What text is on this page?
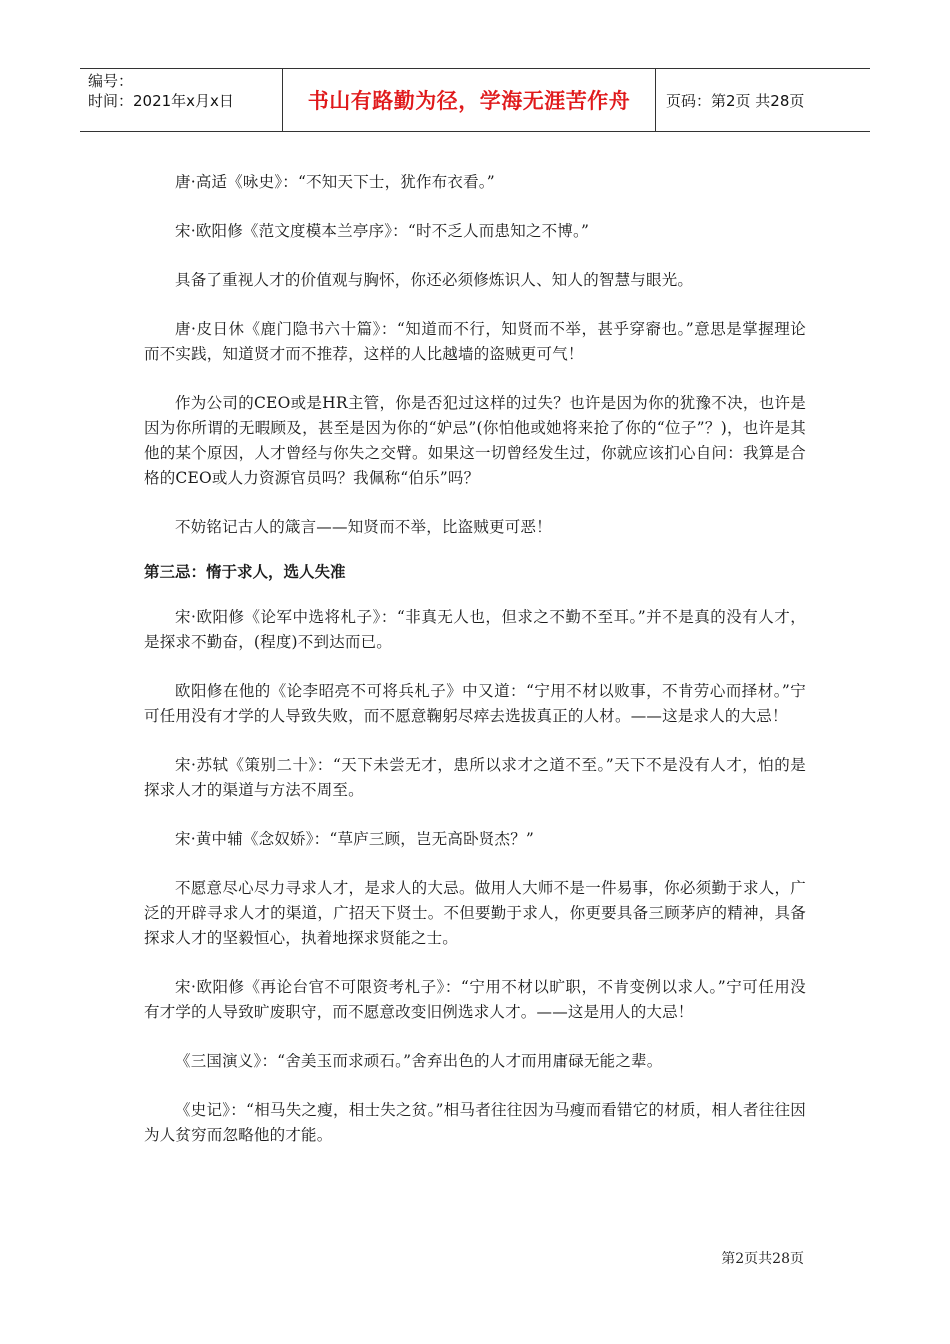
编号：
时间：2021年x月x日	书山有路勤为径，学海无涯苦作舟	页码：第2页 共28页

唐·高适《咏史》：“不知天下士，犹作布衣看。”

宋·欧阳修《范文度模本兰亭序》：“时不乏人而患知之不博。”

具备了重视人才的价值观与胸怀，你还必须修炼识人、知人的智慧与眼光。

唐·皮日休《鹿门隐书六十篇》：“知道而不行，知贤而不举，甚乎穿窬也。”意思是掌握理论而不实践，知道贤才而不推荐，这样的人比越墙的盗贼更可气！

作为公司的CEO或是HR主管，你是否犯过这样的过失？也许是因为你的犹豫不决，也许是因为你所谓的无暇顾及，甚至是因为你的“妒忌”(你怕他或她将来抢了你的“位子”？)，也许是其他的某个原因，人才曾经与你失之交臂。如果这一切曾经发生过，你就应该扪心自问：我算是合格的CEO或人力资源官员吗？我佩称“伯乐”吗？

不妨铭记古人的箴言——知贤而不举，比盗贼更可恶！

第三忌：惰于求人，选人失准

宋·欧阳修《论军中选将札子》：“非真无人也，但求之不勤不至耳。”并不是真的没有人才，是探求不勤奋，(程度)不到达而已。

欧阳修在他的《论李昭亮不可将兵札子》中又道：“宁用不材以败事，不肯劳心而择材。”宁可任用没有才学的人导致失败，而不愿意鞠躬尽瘁去选拔真正的人材。——这是求人的大忌！

宋·苏轼《策别二十》：“天下未尝无才，患所以求才之道不至。”天下不是没有人才，怕的是探求人才的渠道与方法不周至。

宋·黄中辅《念奴娇》：“草庐三顾，岂无高卧贤杰？”

不愿意尽心尽力寻求人才，是求人的大忌。做用人大师不是一件易事，你必须勤于求人，广泛的开辟寻求人才的渠道，广招天下贤士。不但要勤于求人，你更要具备三顾茅庐的精神，具备探求人才的坚毅恒心，执着地探求贤能之士。

宋·欧阳修《再论台官不可限资考札子》：“宁用不材以旷职，不肯变例以求人。”宁可任用没有才学的人导致旷废职守，而不愿意改变旧例选求人才。——这是用人的大忌！

《三国演义》：“舍美玉而求顽石。”舍弃出色的人才而用庸碌无能之辈。

《史记》：“相马失之瘦，相士失之贫。”相马者往往因为马瘦而看错它的材质，相人者往往因为人贫穷而忽略他的才能。

第2页共28页
